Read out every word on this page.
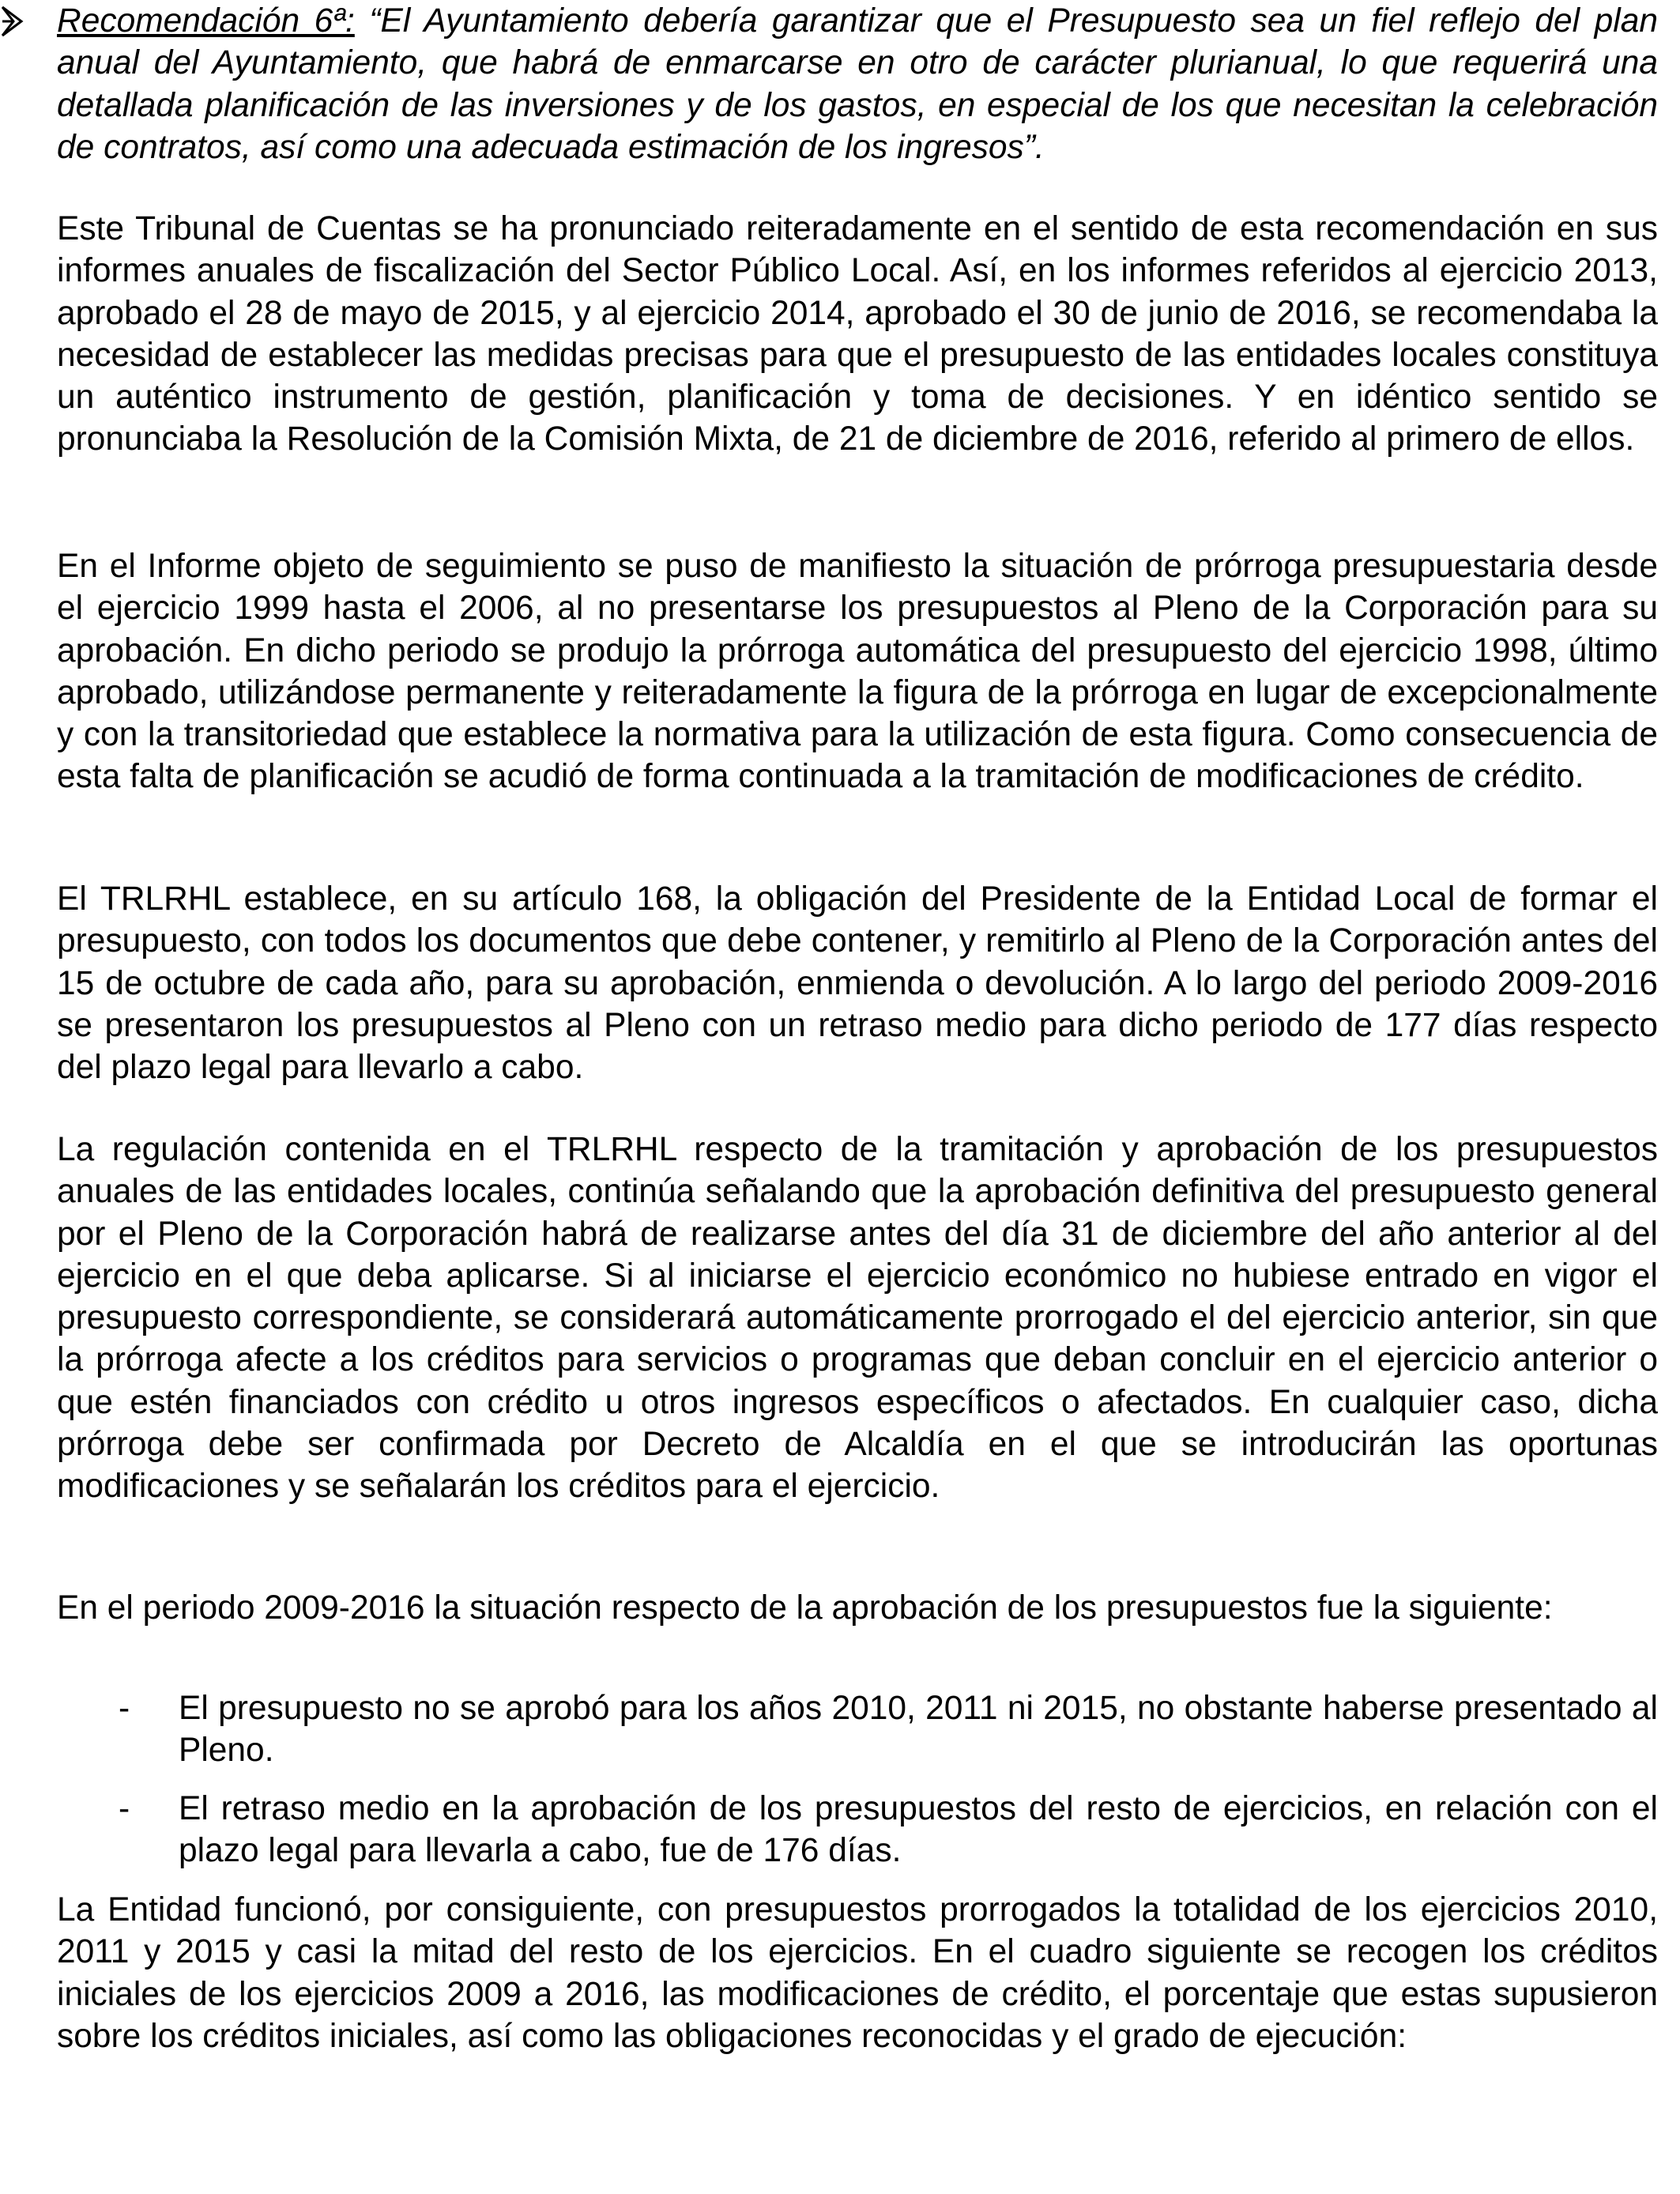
Recomendación 6ª: “El Ayuntamiento debería garantizar que el Presupuesto sea un fiel reflejo del plan anual del Ayuntamiento, que habrá de enmarcarse en otro de carácter plurianual, lo que requerirá una detallada planificación de las inversiones y de los gastos, en especial de los que necesitan la celebración de contratos, así como una adecuada estimación de los ingresos”.

Este Tribunal de Cuentas se ha pronunciado reiteradamente en el sentido de esta recomendación en sus informes anuales de fiscalización del Sector Público Local. Así, en los informes referidos al ejercicio 2013, aprobado el 28 de mayo de 2015, y al ejercicio 2014, aprobado el 30 de junio de 2016, se recomendaba la necesidad de establecer las medidas precisas para que el presupuesto de las entidades locales constituya un auténtico instrumento de gestión, planificación y toma de decisiones. Y en idéntico sentido se pronunciaba la Resolución de la Comisión Mixta, de 21 de diciembre de 2016, referido al primero de ellos.

En el Informe objeto de seguimiento se puso de manifiesto la situación de prórroga presupuestaria desde el ejercicio 1999 hasta el 2006, al no presentarse los presupuestos al Pleno de la Corporación para su aprobación. En dicho periodo se produjo la prórroga automática del presupuesto del ejercicio 1998, último aprobado, utilizándose permanente y reiteradamente la figura de la prórroga en lugar de excepcionalmente y con la transitoriedad que establece la normativa para la utilización de esta figura. Como consecuencia de esta falta de planificación se acudió de forma continuada a la tramitación de modificaciones de crédito.

El TRLRHL establece, en su artículo 168, la obligación del Presidente de la Entidad Local de formar el presupuesto, con todos los documentos que debe contener, y remitirlo al Pleno de la Corporación antes del 15 de octubre de cada año, para su aprobación, enmienda o devolución. A lo largo del periodo 2009-2016 se presentaron los presupuestos al Pleno con un retraso medio para dicho periodo de 177 días respecto del plazo legal para llevarlo a cabo.

La regulación contenida en el TRLRHL respecto de la tramitación y aprobación de los presupuestos anuales de las entidades locales, continúa señalando que la aprobación definitiva del presupuesto general por el Pleno de la Corporación habrá de realizarse antes del día 31 de diciembre del año anterior al del ejercicio en el que deba aplicarse. Si al iniciarse el ejercicio económico no hubiese entrado en vigor el presupuesto correspondiente, se considerará automáticamente prorrogado el del ejercicio anterior, sin que la prórroga afecte a los créditos para servicios o programas que deban concluir en el ejercicio anterior o que estén financiados con crédito u otros ingresos específicos o afectados. En cualquier caso, dicha prórroga debe ser confirmada por Decreto de Alcaldía en el que se introducirán las oportunas modificaciones y se señalarán los créditos para el ejercicio.

En el periodo 2009-2016 la situación respecto de la aprobación de los presupuestos fue la siguiente:

- El presupuesto no se aprobó para los años 2010, 2011 ni 2015, no obstante haberse presentado al Pleno.

- El retraso medio en la aprobación de los presupuestos del resto de ejercicios, en relación con el plazo legal para llevarla a cabo, fue de 176 días.

La Entidad funcionó, por consiguiente, con presupuestos prorrogados la totalidad de los ejercicios 2010, 2011 y 2015 y casi la mitad del resto de los ejercicios. En el cuadro siguiente se recogen los créditos iniciales de los ejercicios 2009 a 2016, las modificaciones de crédito, el porcentaje que estas supusieron sobre los créditos iniciales, así como las obligaciones reconocidas y el grado de ejecución:
